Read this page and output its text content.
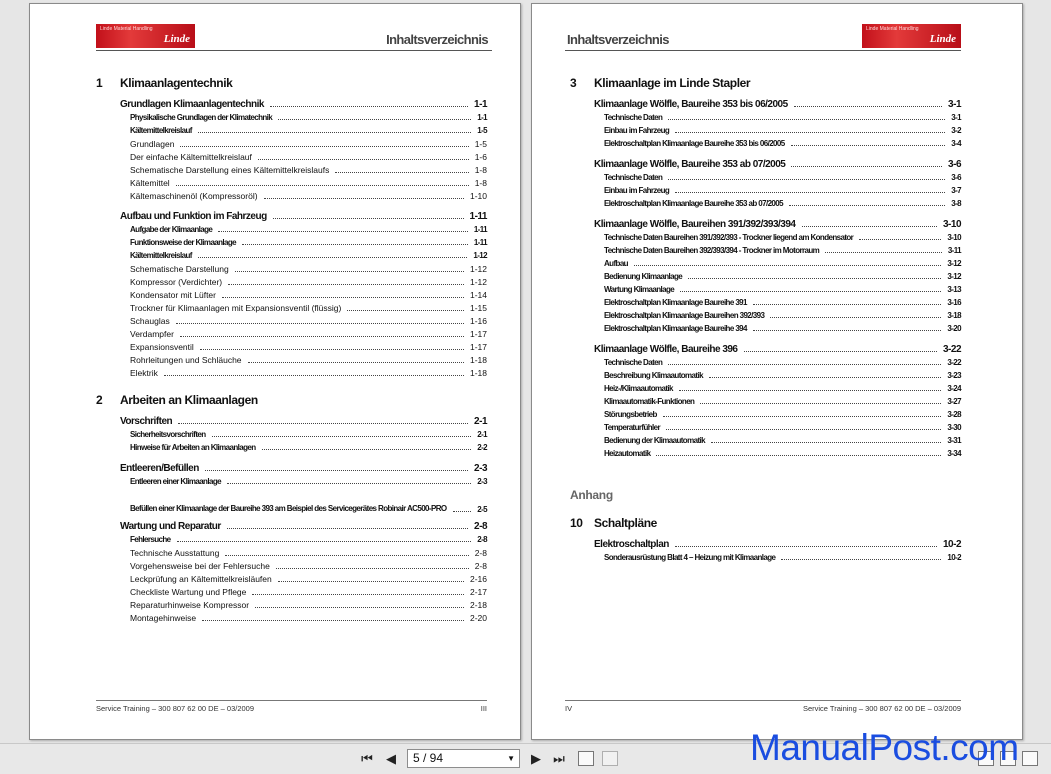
Linde Material Handling
Linde	Inhaltsverzeichnis
1 Klimaanlagentechnik
Grundlagen Klimaanlagentechnik	1-1
Physikalische Grundlagen der Klimatechnik	1-1
Kältemittelkreislauf	1-5
Grundlagen	1-5
Der einfache Kältemittelkreislauf	1-6
Schematische Darstellung eines Kältemittelkreislaufs	1-8
Kältemittel	1-8
Kältemaschinenöl (Kompressoröl)	1-10
Aufbau und Funktion im Fahrzeug	1-11
Aufgabe der Klimaanlage	1-11
Funktionsweise der Klimaanlage	1-11
Kältemittelkreislauf	1-12
Schematische Darstellung	1-12
Kompressor (Verdichter)	1-12
Kondensator mit Lüfter	1-14
Trockner für Klimaanlagen mit Expansionsventil (flüssig)	1-15
Schauglas	1-16
Verdampfer	1-17
Expansionsventil	1-17
Rohrleitungen und Schläuche	1-18
Elektrik	1-18
2 Arbeiten an Klimaanlagen
Vorschriften	2-1
Sicherheitsvorschriften	2-1
Hinweise für Arbeiten an Klimaanlagen	2-2
Entleeren/Befüllen	2-3
Entleeren einer Klimaanlage	2-3
Befüllen einer Klimaanlage der Baureihe 393 am Beispiel des Servicegerätes Robinair AC500-PRO	2-5
Wartung und Reparatur	2-8
Fehlersuche	2-8
Technische Ausstattung	2-8
Vorgehensweise bei der Fehlersuche	2-8
Leckprüfung an Kältemittelkreisläufen	2-16
Checkliste Wartung und Pflege	2-17
Reparaturhinweise Kompressor	2-18
Montagehinweise	2-20
Service Training – 300 807 62 00 DE – 03/2009	III
Inhaltsverzeichnis
Linde Material Handling
Linde
3 Klimaanlage im Linde Stapler
Klimaanlage Wölfle, Baureihe 353 bis 06/2005	3-1
Technische Daten	3-1
Einbau im Fahrzeug	3-2
Elektroschaltplan Klimaanlage Baureihe 353 bis 06/2005	3-4
Klimaanlage Wölfle, Baureihe 353 ab 07/2005	3-6
Technische Daten	3-6
Einbau im Fahrzeug	3-7
Elektroschaltplan Klimaanlage Baureihe 353 ab 07/2005	3-8
Klimaanlage Wölfle, Baureihen 391/392/393/394	3-10
Technische Daten Baureihen 391/392/393 - Trockner liegend am Kondensator	3-10
Technische Daten Baureihen 392/393/394 - Trockner im Motorraum	3-11
Aufbau	3-12
Bedienung Klimaanlage	3-12
Wartung Klimaanlage	3-13
Elektroschaltplan Klimaanlage Baureihe 391	3-16
Elektroschaltplan Klimaanlage Baureihen 392/393	3-18
Elektroschaltplan Klimaanlage Baureihe 394	3-20
Klimaanlage Wölfle, Baureihe 396	3-22
Technische Daten	3-22
Beschreibung Klimaautomatik	3-23
Heiz-/Klimaautomatik	3-24
Klimaautomatik-Funktionen	3-27
Störungsbetrieb	3-28
Temperaturfühler	3-30
Bedienung der Klimaautomatik	3-31
Heizautomatik	3-34
Anhang
10 Schaltpläne
Elektroschaltplan	10-2
Sonderausrüstung Blatt 4 – Heizung mit Klimaanlage	10-2
IV	Service Training – 300 807 62 00 DE – 03/2009
⏮	◀	5 / 94	▼	▶ ⏭	ManualPost.com
